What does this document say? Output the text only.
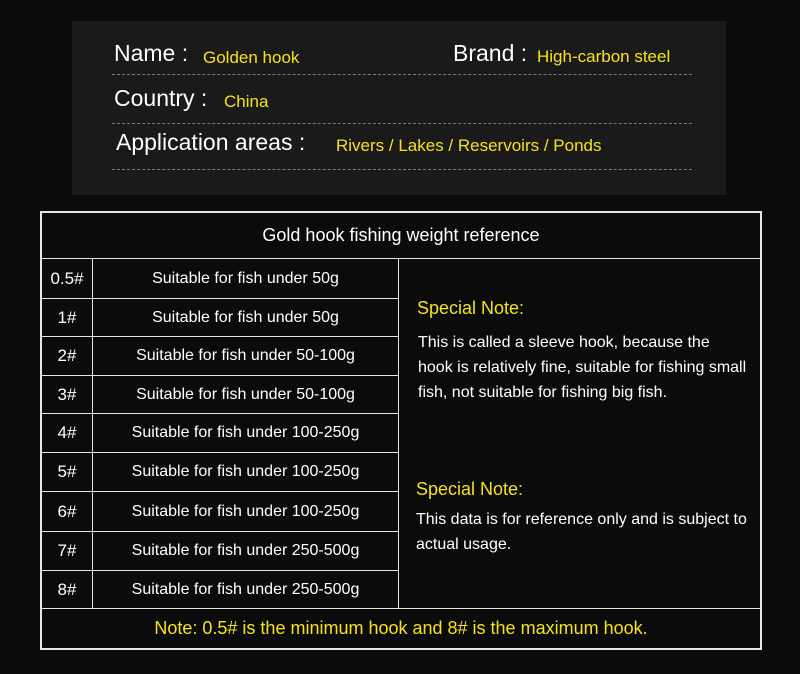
Name : Golden hook	Brand : High-carbon steel
Country : China
Application areas : Rivers / Lakes / Reservoirs / Ponds
Gold hook fishing weight reference
0.5#	Suitable for fish under 50g
1#	Suitable for fish under 50g
2#	Suitable for fish under 50-100g
3#	Suitable for fish under 50-100g
4#	Suitable for fish under 100-250g
5#	Suitable for fish under 100-250g
6#	Suitable for fish under 100-250g
7#	Suitable for fish under 250-500g
8#	Suitable for fish under 250-500g
Special Note:
This is called a sleeve hook, because the hook is relatively fine, suitable for fishing small fish, not suitable for fishing big fish.
Special Note:
This data is for reference only and is subject to actual usage.
Note: 0.5# is the minimum hook and 8# is the maximum hook.
